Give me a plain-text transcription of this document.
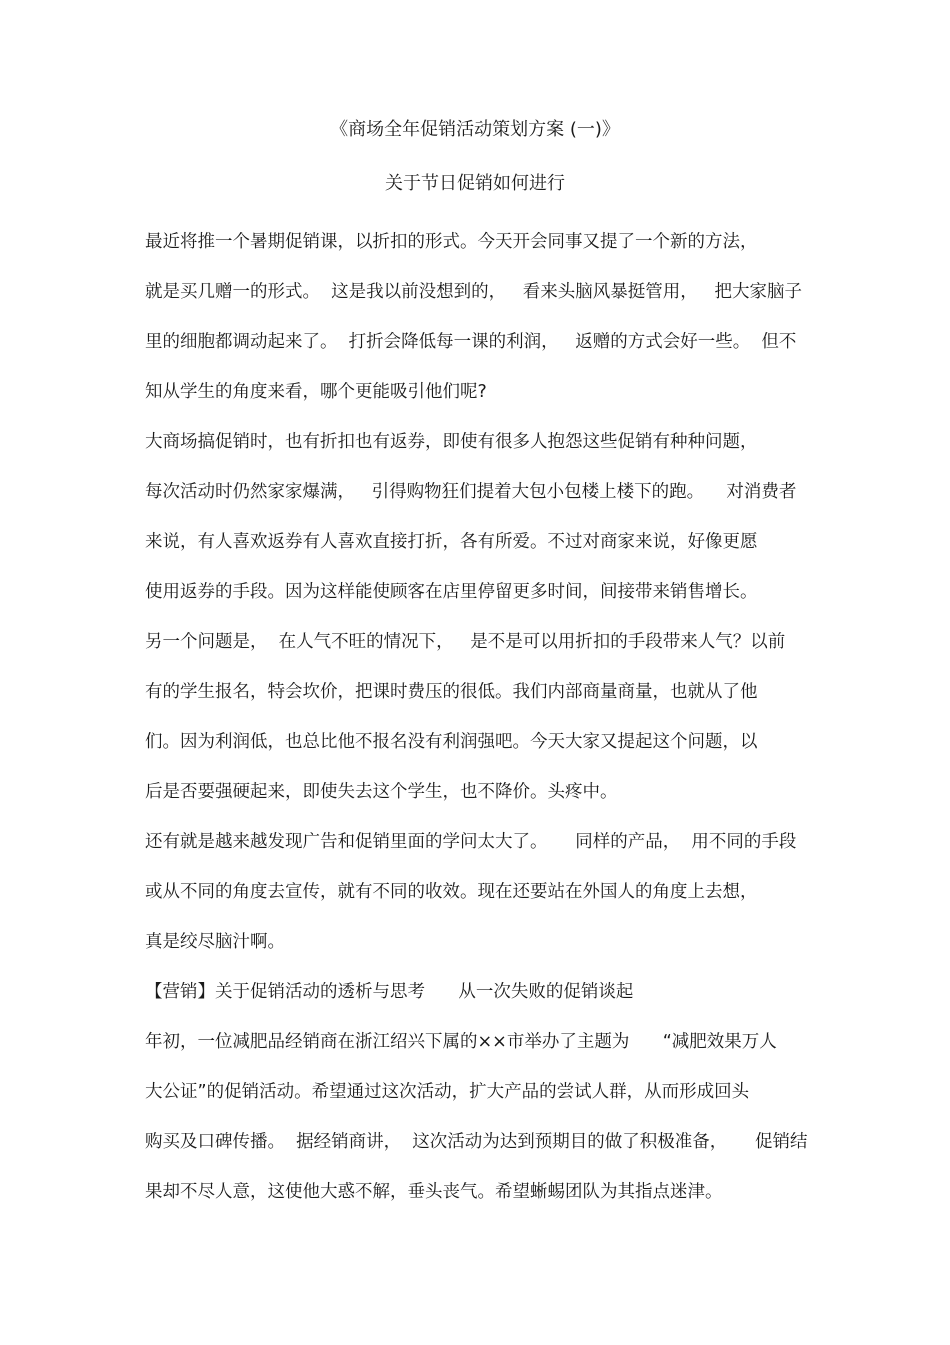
《商场全年促销活动策划方案 (一)》
关于节日促销如何进行
最近将推一个暑期促销课，以折扣的形式。今天开会同事又提了一个新的方法，
就是买几赠一的形式。  这是我以前没想到的，   看来头脑风暴挺管用，   把大家脑子
里的细胞都调动起来了。  打折会降低每一课的利润，   返赠的方式会好一些。  但不
知从学生的角度来看，哪个更能吸引他们呢?
大商场搞促销时，也有折扣也有返券，即使有很多人抱怨这些促销有种种问题，
每次活动时仍然家家爆满，   引得购物狂们提着大包小包楼上楼下的跑。    对消费者
来说，有人喜欢返券有人喜欢直接打折，各有所爱。不过对商家来说，好像更愿
使用返券的手段。因为这样能使顾客在店里停留更多时间，间接带来销售增长。
另一个问题是，  在人气不旺的情况下，   是不是可以用折扣的手段带来人气？以前
有的学生报名，特会坎价，把课时费压的很低。我们内部商量商量，也就从了他
们。因为利润低，也总比他不报名没有利润强吧。今天大家又提起这个问题，以
后是否要强硬起来，即使失去这个学生，也不降价。头疼中。
还有就是越来越发现广告和促销里面的学问太大了。     同样的产品，  用不同的手段
或从不同的角度去宣传，就有不同的收效。现在还要站在外国人的角度上去想，
真是绞尽脑汁啊。
【营销】关于促销活动的透析与思考      从一次失败的促销谈起
年初，一位减肥品经销商在浙江绍兴下属的××市举办了主题为      “减肥效果万人
大公证”的促销活动。希望通过这次活动，扩大产品的尝试人群，从而形成回头
购买及口碑传播。  据经销商讲，  这次活动为达到预期目的做了积极准备，     促销结
果却不尽人意，这使他大惑不解，垂头丧气。希望蜥蜴团队为其指点迷津。
